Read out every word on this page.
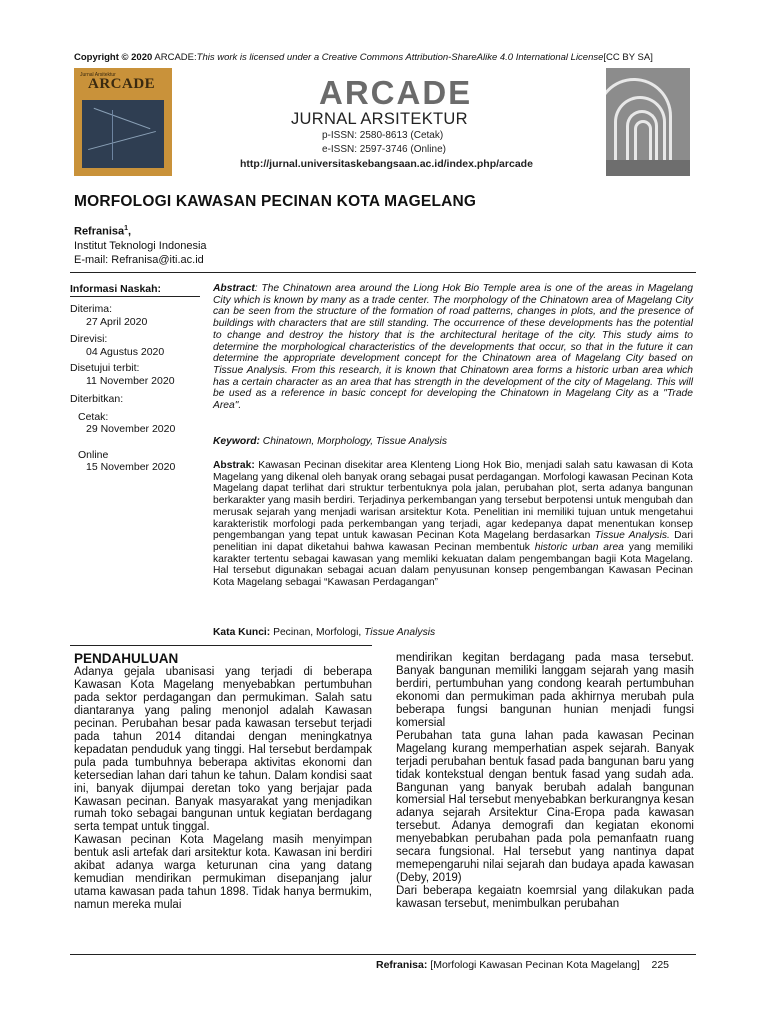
Copyright © 2020 ARCADE:This work is licensed under a Creative Commons Attribution-ShareAlike 4.0 International License[CC BY SA]
Jurnal Arsitektur
ARCADE	ARCADE
JURNAL ARSITEKTUR
p-ISSN: 2580-8613 (Cetak)
e-ISSN: 2597-3746 (Online)
http://jurnal.universitaskebangsaan.ac.id/index.php/arcade
MORFOLOGI KAWASAN PECINAN KOTA MAGELANG
Refranisa$^1$,
Institut Teknologi Indonesia
E-mail: Refranisa@iti.ac.id
Informasi Naskah:
Diterima:
27 April 2020
Direvisi:
04 Agustus 2020
Disetujui terbit:
11 November 2020
Diterbitkan:
Cetak:
29 November 2020
Online
15 November 2020
Abstract: The Chinatown area around the Liong Hok Bio Temple area is one of the areas in Magelang City which is known by many as a trade center. The morphology of the Chinatown area of Magelang City can be seen from the structure of the formation of road patterns, changes in plots, and the presence of buildings with characters that are still standing. The occurrence of these developments has the potential to change and destroy the history that is the architectural heritage of the city. This study aims to determine the morphological characteristics of the developments that occur, so that in the future it can determine the appropriate development concept for the Chinatown area of Magelang City based on Tissue Analysis. From this research, it is known that Chinatown area forms a historic urban area which has a certain character as an area that has strength in the development of the city of Magelang. This will be used as a reference in basic concept for developing the Chinatown in Magelang City as a "Trade Area".
Keyword: Chinatown, Morphology, Tissue Analysis
Abstrak: Kawasan Pecinan disekitar area Klenteng Liong Hok Bio, menjadi salah satu kawasan di Kota Magelang yang dikenal oleh banyak orang sebagai pusat perdagangan. Morfologi kawasan Pecinan Kota Magelang dapat terlihat dari struktur terbentuknya pola jalan, perubahan plot, serta adanya bangunan berkarakter yang masih berdiri. Terjadinya perkembangan yang tersebut berpotensi untuk mengubah dan merusak sejarah yang menjadi warisan arsitektur Kota. Penelitian ini memiliki tujuan untuk mengetahui karakteristik morfologi pada perkembangan yang terjadi, agar kedepanya dapat menentukan konsep pengembangan yang tepat untuk kawasan Pecinan Kota Magelang berdasarkan Tissue Analysis. Dari penelitian ini dapat diketahui bahwa kawasan Pecinan membentuk historic urban area yang memiliki karakter tertentu sebagai kawasan yang memliki kekuatan dalam pengembangan bagii Kota Magelang. Hal tersebut digunakan sebagai acuan dalam penyusunan konsep pengembangan Kawasan Pecinan Kota Magelang sebagai “Kawasan Perdagangan”
Kata Kunci: Pecinan, Morfologi, Tissue Analysis
PENDAHULUAN

Adanya gejala ubanisasi yang terjadi di beberapa Kawasan Kota Magelang menyebabkan pertumbuhan pada sektor perdagangan dan permukiman. Salah satu diantaranya yang paling menonjol adalah Kawasan pecinan. Perubahan besar pada kawasan tersebut terjadi pada tahun 2014 ditandai dengan meningkatnya kepadatan penduduk yang tinggi. Hal tersebut berdampak pula pada tumbuhnya beberapa aktivitas ekonomi dan ketersedian lahan dari tahun ke tahun. Dalam kondisi saat ini, banyak dijumpai deretan toko yang berjajar pada Kawasan pecinan. Banyak masyarakat yang menjadikan rumah toko sebagai bangunan untuk kegiatan berdagang serta tempat untuk tinggal.

Kawasan pecinan Kota Magelang masih menyimpan bentuk asli artefak dari arsitektur kota. Kawasan ini berdiri akibat adanya warga keturunan cina yang datang kemudian mendirikan permukiman disepanjang jalur utama kawasan pada tahun 1898. Tidak hanya bermukim, namun mereka mulai

mendirikan kegitan berdagang pada masa tersebut. Banyak bangunan memiliki langgam sejarah yang masih berdiri, pertumbuhan yang condong kearah pertumbuhan ekonomi dan permukiman pada akhirnya merubah pula beberapa fungsi bangunan hunian menjadi fungsi komersial

Perubahan tata guna lahan pada kawasan Pecinan Magelang kurang memperhatian aspek sejarah. Banyak terjadi perubahan bentuk fasad pada bangunan baru yang tidak kontekstual dengan bentuk fasad yang sudah ada. Bangunan yang banyak berubah adalah bangunan komersial Hal tersebut menyebabkan berkurangnya kesan adanya sejarah Arsitektur Cina-Eropa pada kawasan tersebut. Adanya demografi dan kegiatan ekonomi menyebabkan perubahan pada pola pemanfaatn ruang secara fungsional. Hal tersebut yang nantinya dapat memepengaruhi nilai sejarah dan budaya apada kawasan (Deby, 2019)

Dari beberapa kegaiatn koemrsial yang dilakukan pada kawasan tersebut, menimbulkan perubahan

Refranisa: [Morfologi Kawasan Pecinan Kota Magelang] 225
